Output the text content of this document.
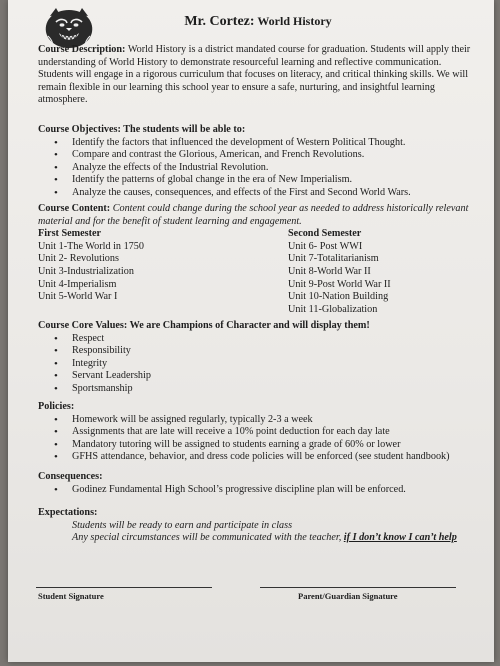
Mr. Cortez: World History
Course Description: World History is a district mandated course for graduation. Students will apply their understanding of World History to demonstrate resourceful learning and reflective communication. Students will engage in a rigorous curriculum that focuses on literacy, and critical thinking skills. We will remain flexible in our learning this school year to ensure a safe, nurturing, and insightful learning atmosphere.
Course Objectives: The students will be able to:
• Identify the factors that influenced the development of Western Political Thought.
• Compare and contrast the Glorious, American, and French Revolutions.
• Analyze the effects of the Industrial Revolution.
• Identify the patterns of global change in the era of New Imperialism.
• Analyze the causes, consequences, and effects of the First and Second World Wars.
Course Content: Content could change during the school year as needed to address historically relevant material and for the benefit of student learning and engagement.
First Semester
Unit 1-The World in 1750
Unit 2- Revolutions
Unit 3-Industrialization
Unit 4-Imperialism
Unit 5-World War I
Second Semester
Unit 6- Post WWI
Unit 7-Totalitarianism
Unit 8-World War II
Unit 9-Post World War II
Unit 10-Nation Building
Unit 11-Globalization
Course Core Values: We are Champions of Character and will display them!
• Respect
• Responsibility
• Integrity
• Servant Leadership
• Sportsmanship
Policies:
• Homework will be assigned regularly, typically 2-3 a week
• Assignments that are late will receive a 10% point deduction for each day late
• Mandatory tutoring will be assigned to students earning a grade of 60% or lower
• GFHS attendance, behavior, and dress code policies will be enforced (see student handbook)
Consequences:
• Godinez Fundamental High School’s progressive discipline plan will be enforced.
Expectations:
Students will be ready to earn and participate in class
Any special circumstances will be communicated with the teacher, if I don’t know I can’t help
Student Signature	Parent/Guardian Signature
